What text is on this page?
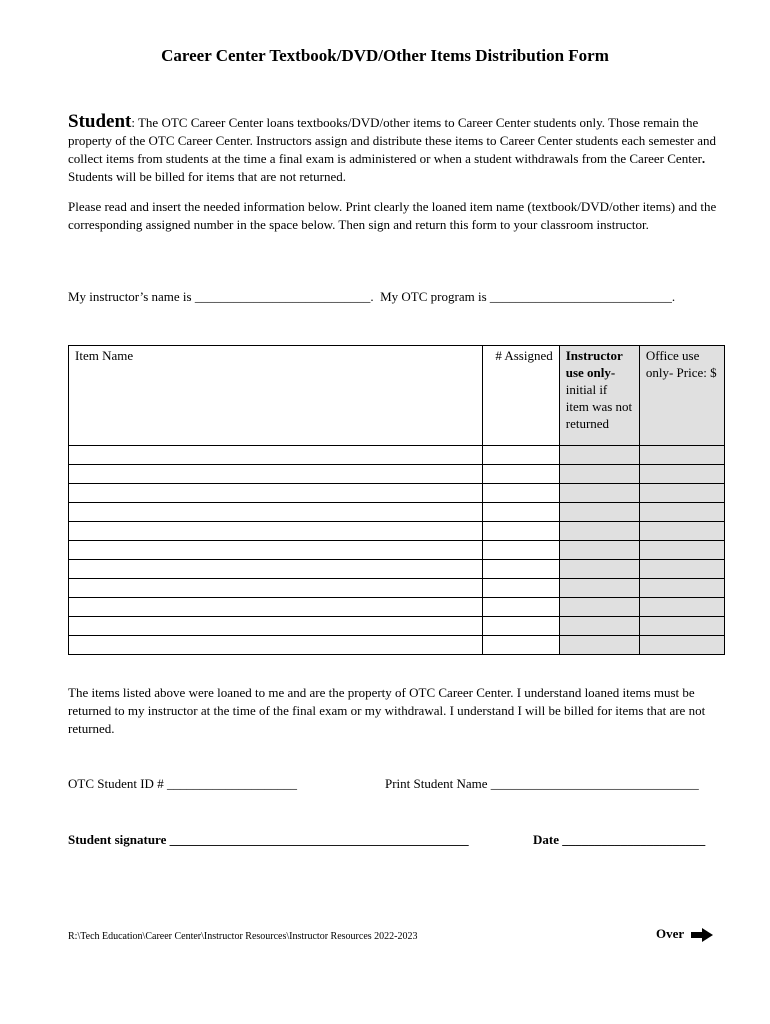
Career Center Textbook/DVD/Other Items Distribution Form
Student: The OTC Career Center loans textbooks/DVD/other items to Career Center students only. Those remain the property of the OTC Career Center. Instructors assign and distribute these items to Career Center students each semester and collect items from students at the time a final exam is administered or when a student withdrawals from the Career Center. Students will be billed for items that are not returned.
Please read and insert the needed information below. Print clearly the loaned item name (textbook/DVD/other items) and the corresponding assigned number in the space below. Then sign and return this form to your classroom instructor.
My instructor’s name is ___________________________. My OTC program is ____________________________.
Item Name	# Assigned	Instructor use only- initial if item was not returned	Office use only- Price: $

The items listed above were loaned to me and are the property of OTC Career Center. I understand loaned items must be returned to my instructor at the time of the final exam or my withdrawal. I understand I will be billed for items that are not returned.
OTC Student ID # ____________________	Print Student Name ________________________________
Student signature ______________________________________________	Date ______________________
R:\Tech Education\Career Center\Instructor Resources\Instructor Resources 2022-2023	Over
